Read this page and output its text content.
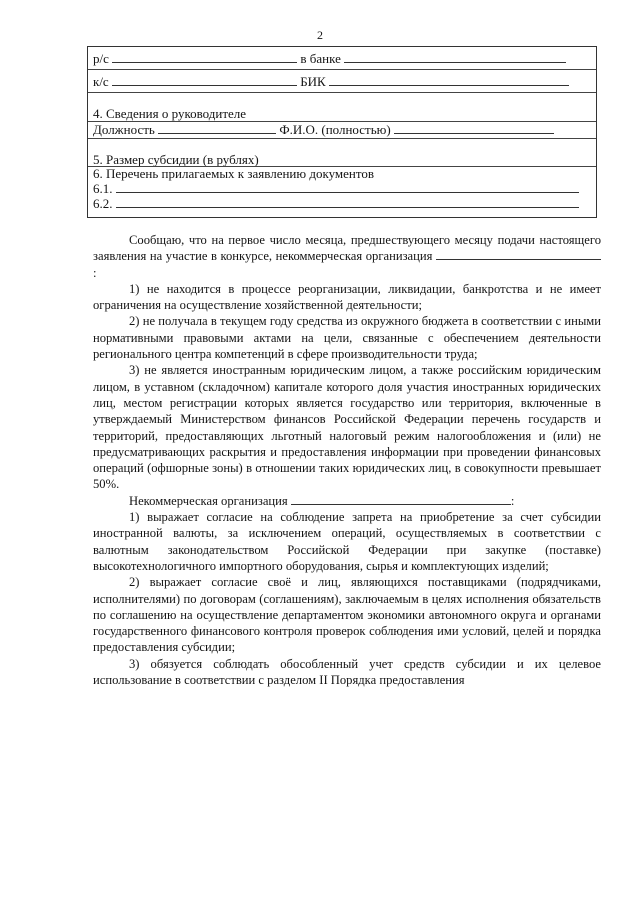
2
р/с	в банке
к/с	БИК
4. Сведения о руководителе
Должность	Ф.И.О. (полностью)
5. Размер субсидии (в рублях)
6. Перечень прилагаемых к заявлению документов
6.1.
6.2.

Сообщаю, что на первое число месяца, предшествующего месяцу подачи настоящего заявления на участие в конкурсе, некоммерческая организация :

1) не находится в процессе реорганизации, ликвидации, банкротства и не имеет ограничения на осуществление хозяйственной деятельности;

2) не получала в текущем году средства из окружного бюджета в соответствии с иными нормативными правовыми актами на цели, связанные с обеспечением деятельности регионального центра компетенций в сфере производительности труда;

3) не является иностранным юридическим лицом, а также российским юридическим лицом, в уставном (складочном) капитале которого доля участия иностранных юридических лиц, местом регистрации которых является государство или территория, включенные в утверждаемый Министерством финансов Российской Федерации перечень государств и территорий, предоставляющих льготный налоговый режим налогообложения и (или) не предусматривающих раскрытия и предоставления информации при проведении финансовых операций (офшорные зоны) в отношении таких юридических лиц, в совокупности превышает 50%.

Некоммерческая организация	:

1) выражает согласие на соблюдение запрета на приобретение за счет субсидии иностранной валюты, за исключением операций, осуществляемых в соответствии с валютным законодательством Российской Федерации при закупке (поставке) высокотехнологичного импортного оборудования, сырья и комплектующих изделий;

2) выражает согласие своё и лиц, являющихся поставщиками (подрядчиками, исполнителями) по договорам (соглашениям), заключаемым в целях исполнения обязательств по соглашению на осуществление департаментом экономики автономного округа и органами государственного финансового контроля проверок соблюдения ими условий, целей и порядка предоставления субсидии;

3) обязуется соблюдать обособленный учет средств субсидии и их целевое использование в соответствии с разделом II Порядка предоставления
